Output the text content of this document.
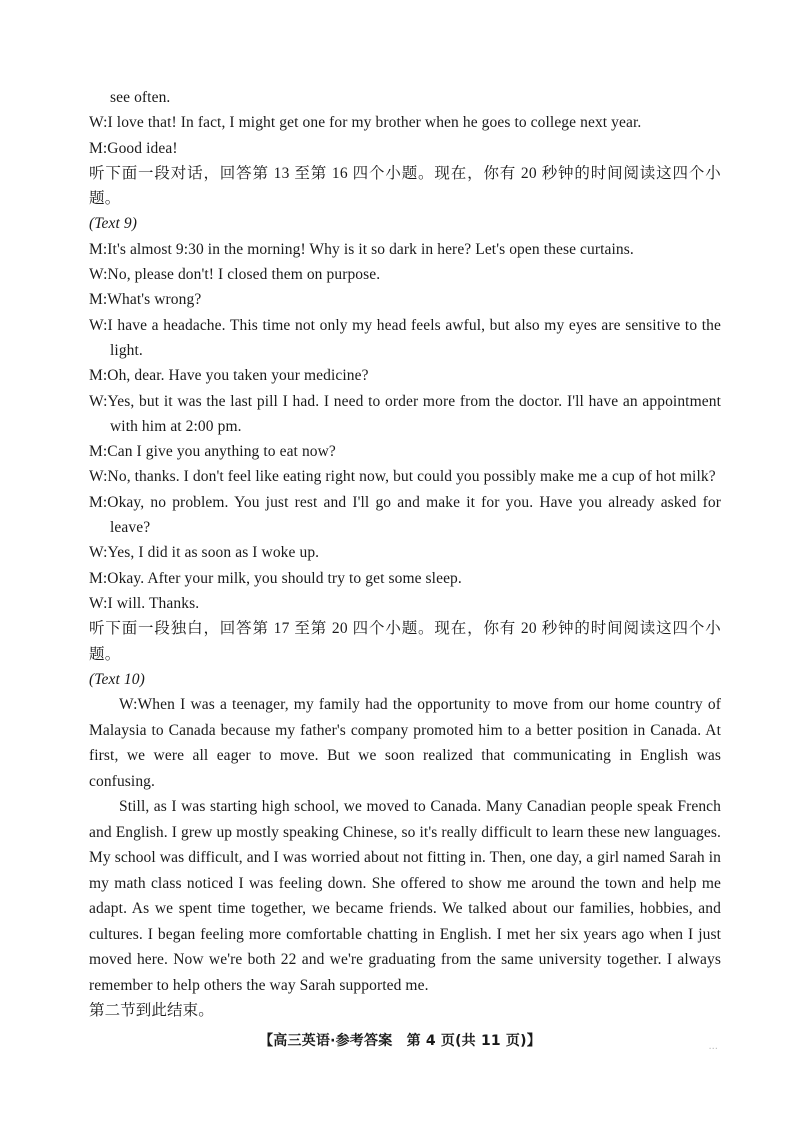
see often.

W:I love that! In fact, I might get one for my brother when he goes to college next year.

M:Good idea!

听下面一段对话，回答第 13 至第 16 四个小题。现在，你有 20 秒钟的时间阅读这四个小题。

(Text 9)

M:It's almost 9:30 in the morning! Why is it so dark in here? Let's open these curtains.

W:No, please don't! I closed them on purpose.

M:What's wrong?

W:I have a headache. This time not only my head feels awful, but also my eyes are sensitive to the light.

M:Oh, dear. Have you taken your medicine?

W:Yes, but it was the last pill I had. I need to order more from the doctor. I'll have an appointment with him at 2:00 pm.

M:Can I give you anything to eat now?

W:No, thanks. I don't feel like eating right now, but could you possibly make me a cup of hot milk?

M:Okay, no problem. You just rest and I'll go and make it for you. Have you already asked for leave?

W:Yes, I did it as soon as I woke up.

M:Okay. After your milk, you should try to get some sleep.

W:I will. Thanks.

听下面一段独白，回答第 17 至第 20 四个小题。现在，你有 20 秒钟的时间阅读这四个小题。

(Text 10)

W:When I was a teenager, my family had the opportunity to move from our home country of Malaysia to Canada because my father's company promoted him to a better position in Canada. At first, we were all eager to move. But we soon realized that communicating in English was confusing.

Still, as I was starting high school, we moved to Canada. Many Canadian people speak French and English. I grew up mostly speaking Chinese, so it's really difficult to learn these new languages. My school was difficult, and I was worried about not fitting in. Then, one day, a girl named Sarah in my math class noticed I was feeling down. She offered to show me around the town and help me adapt. As we spent time together, we became friends. We talked about our families, hobbies, and cultures. I began feeling more comfortable chatting in English. I met her six years ago when I just moved here. Now we're both 22 and we're graduating from the same university together. I always remember to help others the way Sarah supported me.

第二节到此结束。

【高三英语·参考答案　第 4 页(共 11 页)】	...
